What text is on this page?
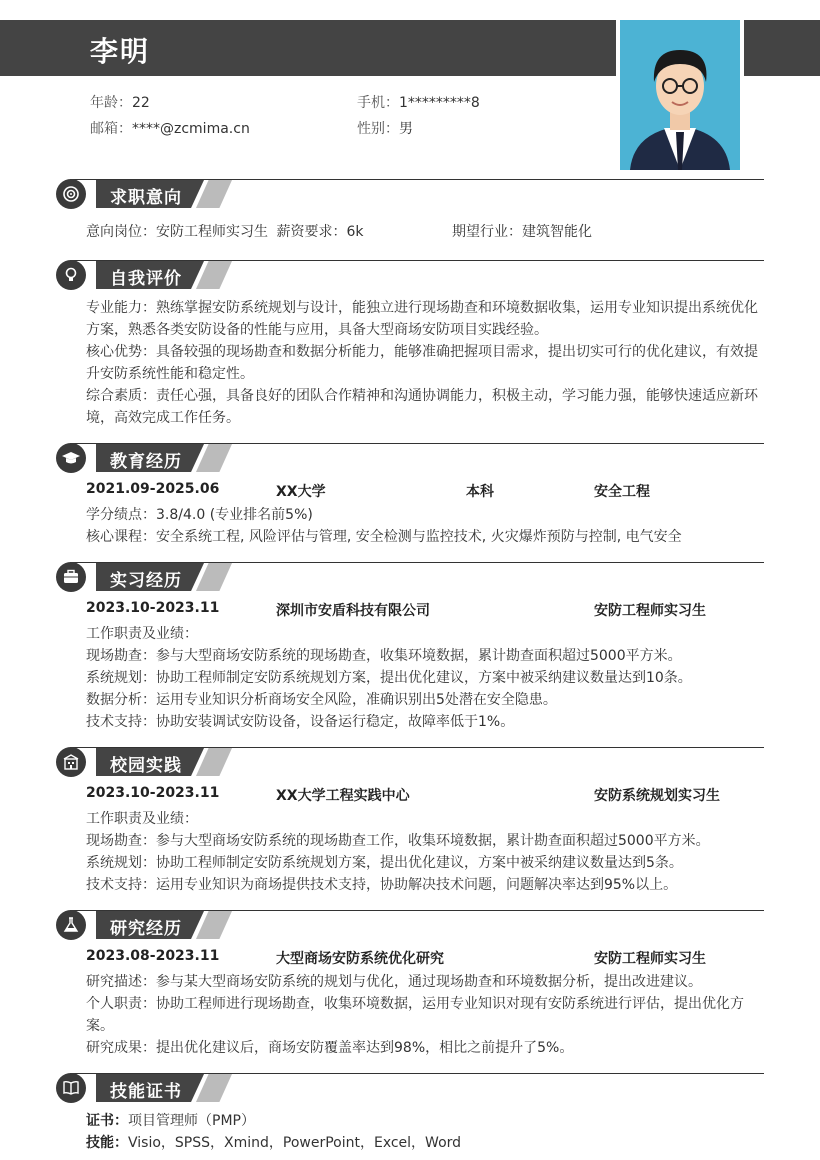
李明
年龄：22	手机：1*********8
邮箱：****@zcmima.cn	性别：男
求职意向
意向岗位：安防工程师实习生 薪资要求：6k	期望行业：建筑智能化
自我评价
专业能力：熟练掌握安防系统规划与设计，能独立进行现场勘查和环境数据收集，运用专业知识提出系统优化方案，熟悉各类安防设备的性能与应用，具备大型商场安防项目实践经验。
核心优势：具备较强的现场勘查和数据分析能力，能够准确把握项目需求，提出切实可行的优化建议，有效提升安防系统性能和稳定性。
综合素质：责任心强，具备良好的团队合作精神和沟通协调能力，积极主动，学习能力强，能够快速适应新环境，高效完成工作任务。
教育经历
2021.09-2025.06	XX大学	本科	安全工程
学分绩点：3.8/4.0 (专业排名前5%)
核心课程：安全系统工程, 风险评估与管理, 安全检测与监控技术, 火灾爆炸预防与控制, 电气安全
实习经历
2023.10-2023.11	深圳市安盾科技有限公司	安防工程师实习生
工作职责及业绩：
现场勘查：参与大型商场安防系统的现场勘查，收集环境数据，累计勘查面积超过5000平方米。
系统规划：协助工程师制定安防系统规划方案，提出优化建议，方案中被采纳建议数量达到10条。
数据分析：运用专业知识分析商场安全风险，准确识别出5处潜在安全隐患。
技术支持：协助安装调试安防设备，设备运行稳定，故障率低于1%。
校园实践
2023.10-2023.11	XX大学工程实践中心	安防系统规划实习生
工作职责及业绩：
现场勘查：参与大型商场安防系统的现场勘查工作，收集环境数据，累计勘查面积超过5000平方米。
系统规划：协助工程师制定安防系统规划方案，提出优化建议，方案中被采纳建议数量达到5条。
技术支持：运用专业知识为商场提供技术支持，协助解决技术问题，问题解决率达到95%以上。
研究经历
2023.08-2023.11	大型商场安防系统优化研究	安防工程师实习生
研究描述：参与某大型商场安防系统的规划与优化，通过现场勘查和环境数据分析，提出改进建议。
个人职责：协助工程师进行现场勘查，收集环境数据，运用专业知识对现有安防系统进行评估，提出优化方案。
研究成果：提出优化建议后，商场安防覆盖率达到98%，相比之前提升了5%。
技能证书
证书：项目管理师（PMP）
技能：Visio，SPSS，Xmind，PowerPoint，Excel，Word
